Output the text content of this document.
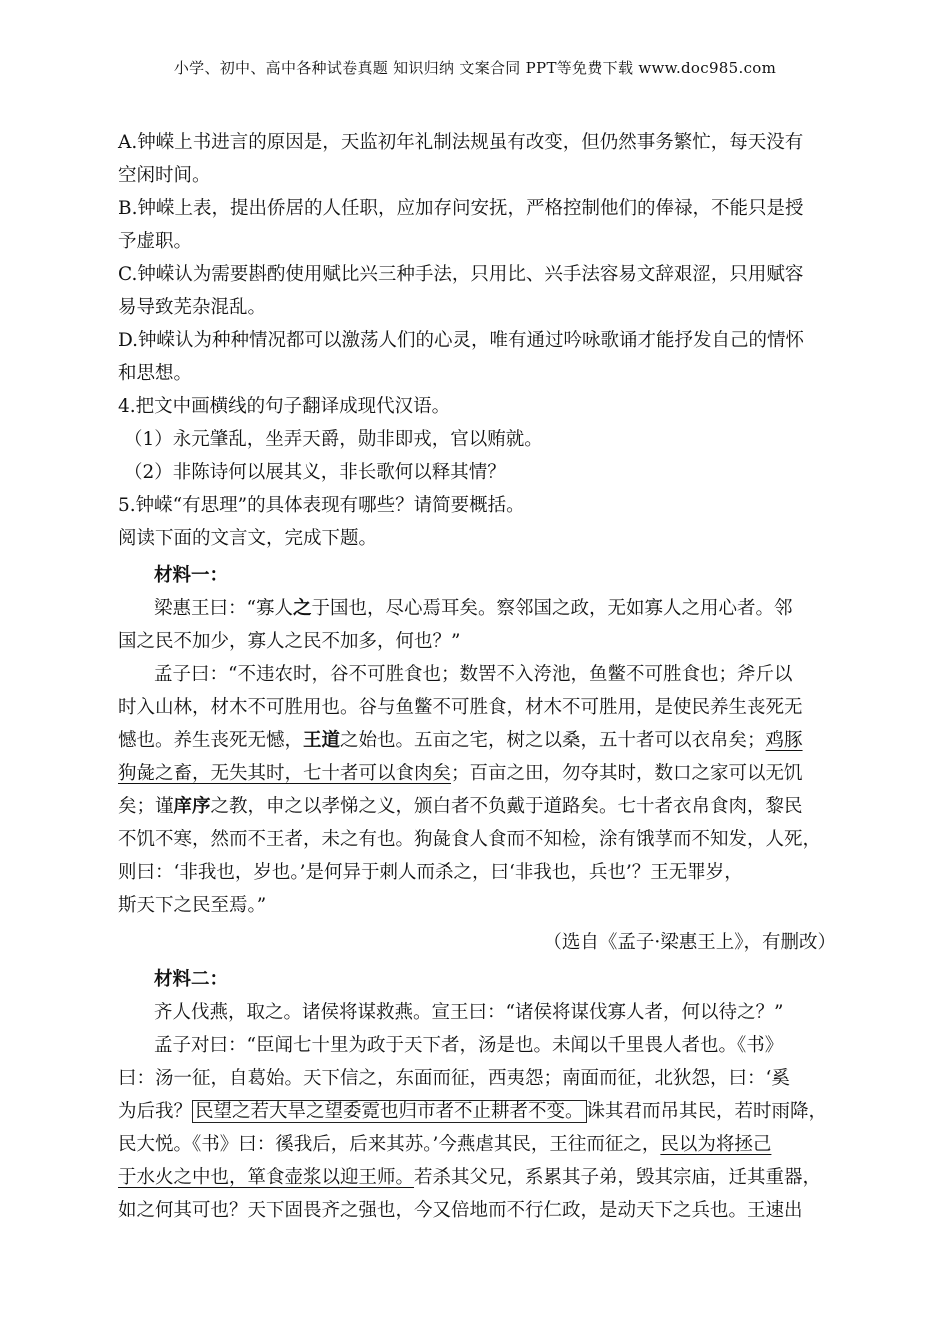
小学、初中、高中各种试卷真题 知识归纳 文案合同 PPT等免费下载 www.doc985.com

A.钟嵘上书进言的原因是，天监初年礼制法规虽有改变，但仍然事务繁忙，每天没有

空闲时间。

B.钟嵘上表，提出侨居的人任职，应加存问安抚，严格控制他们的俸禄，不能只是授

予虚职。

C.钟嵘认为需要斟酌使用赋比兴三种手法，只用比、兴手法容易文辞艰涩，只用赋容

易导致芜杂混乱。

D.钟嵘认为种种情况都可以激荡人们的心灵，唯有通过吟咏歌诵才能抒发自己的情怀

和思想。

4.把文中画横线的句子翻译成现代汉语。

（1）永元肇乱，坐弄天爵，勋非即戎，官以贿就。

（2）非陈诗何以展其义，非长歌何以释其情？

5.钟嵘“有思理”的具体表现有哪些？请简要概括。

阅读下面的文言文，完成下题。

材料一：

梁惠王曰：“寡人之于国也，尽心焉耳矣。察邻国之政，无如寡人之用心者。邻

国之民不加少，寡人之民不加多，何也？”

孟子曰：“不违农时，谷不可胜食也；数罟不入洿池，鱼鳖不可胜食也；斧斤以

时入山林，材木不可胜用也。谷与鱼鳖不可胜食，材木不可胜用，是使民养生丧死无

憾也。养生丧死无憾，王道之始也。五亩之宅，树之以桑，五十者可以衣帛矣；鸡豚

狗彘之畜，无失其时，七十者可以食肉矣；百亩之田，勿夺其时，数口之家可以无饥

矣；谨庠序之教，申之以孝悌之义，颁白者不负戴于道路矣。七十者衣帛食肉，黎民

不饥不寒，然而不王者，未之有也。狗彘食人食而不知检，涂有饿莩而不知发，人死，

则曰：‘非我也，岁也。’是何异于刺人而杀之，曰‘非我也，兵也’？王无罪岁，

斯天下之民至焉。”

（选自《孟子·梁惠王上》，有删改）

材料二：

齐人伐燕，取之。诸侯将谋救燕。宣王曰：“诸侯将谋伐寡人者，何以待之？”

孟子对曰：“臣闻七十里为政于天下者，汤是也。未闻以千里畏人者也。《书》

曰：汤一征，自葛始。天下信之，东面而征，西夷怨；南面而征，北狄怨，曰：‘奚

为后我？ 民望之若大旱之望委霓也归市者不止耕者不变。 诛其君而吊其民，若时雨降，

民大悦。《书》曰：徯我后，后来其苏。’今燕虐其民，王往而征之，民以为将拯己

于水火之中也，箪食壶浆以迎王师。若杀其父兄，系累其子弟，毁其宗庙，迁其重器，

如之何其可也？天下固畏齐之强也，今又倍地而不行仁政，是动天下之兵也。王速出
